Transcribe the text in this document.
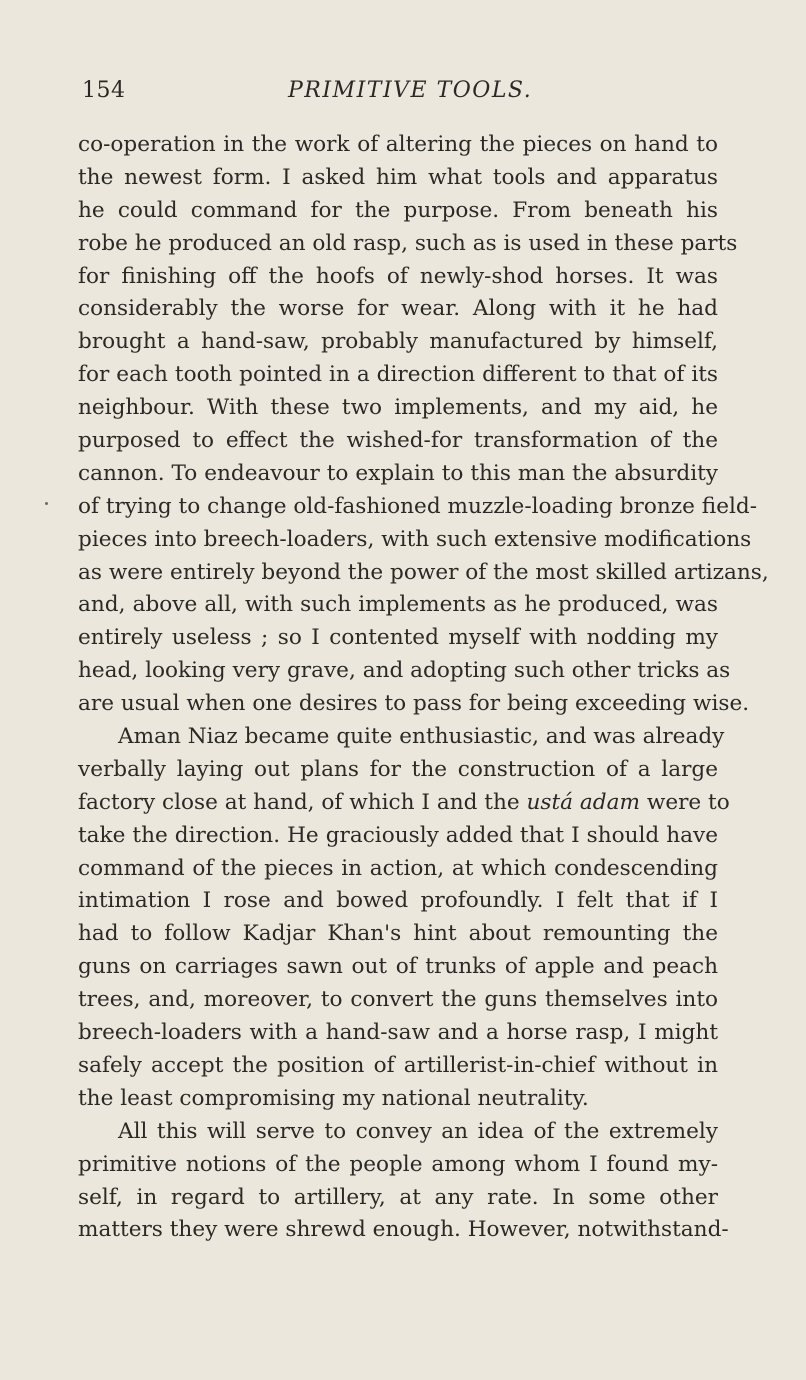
154	PRIMITIVE TOOLS.
co-operation in the work of altering the pieces on hand to
the newest form. I asked him what tools and apparatus
he could command for the purpose. From beneath his
robe he produced an old rasp, such as is used in these parts
for finishing off the hoofs of newly-shod horses. It was
considerably the worse for wear. Along with it he had
brought a hand-saw, probably manufactured by himself,
for each tooth pointed in a direction different to that of its
neighbour. With these two implements, and my aid, he
purposed to effect the wished-for transformation of the
cannon. To endeavour to explain to this man the absurdity
of trying to change old-fashioned muzzle-loading bronze field-
pieces into breech-loaders, with such extensive modifications
as were entirely beyond the power of the most skilled artizans,
and, above all, with such implements as he produced, was
entirely useless ; so I contented myself with nodding my
head, looking very grave, and adopting such other tricks as
are usual when one desires to pass for being exceeding wise.
Aman Niaz became quite enthusiastic, and was already
verbally laying out plans for the construction of a large
factory close at hand, of which I and the ustá adam were to
take the direction. He graciously added that I should have
command of the pieces in action, at which condescending
intimation I rose and bowed profoundly. I felt that if I
had to follow Kadjar Khan's hint about remounting the
guns on carriages sawn out of trunks of apple and peach
trees, and, moreover, to convert the guns themselves into
breech-loaders with a hand-saw and a horse rasp, I might
safely accept the position of artillerist-in-chief without in
the least compromising my national neutrality.
All this will serve to convey an idea of the extremely
primitive notions of the people among whom I found my-
self, in regard to artillery, at any rate. In some other
matters they were shrewd enough. However, notwithstand-
